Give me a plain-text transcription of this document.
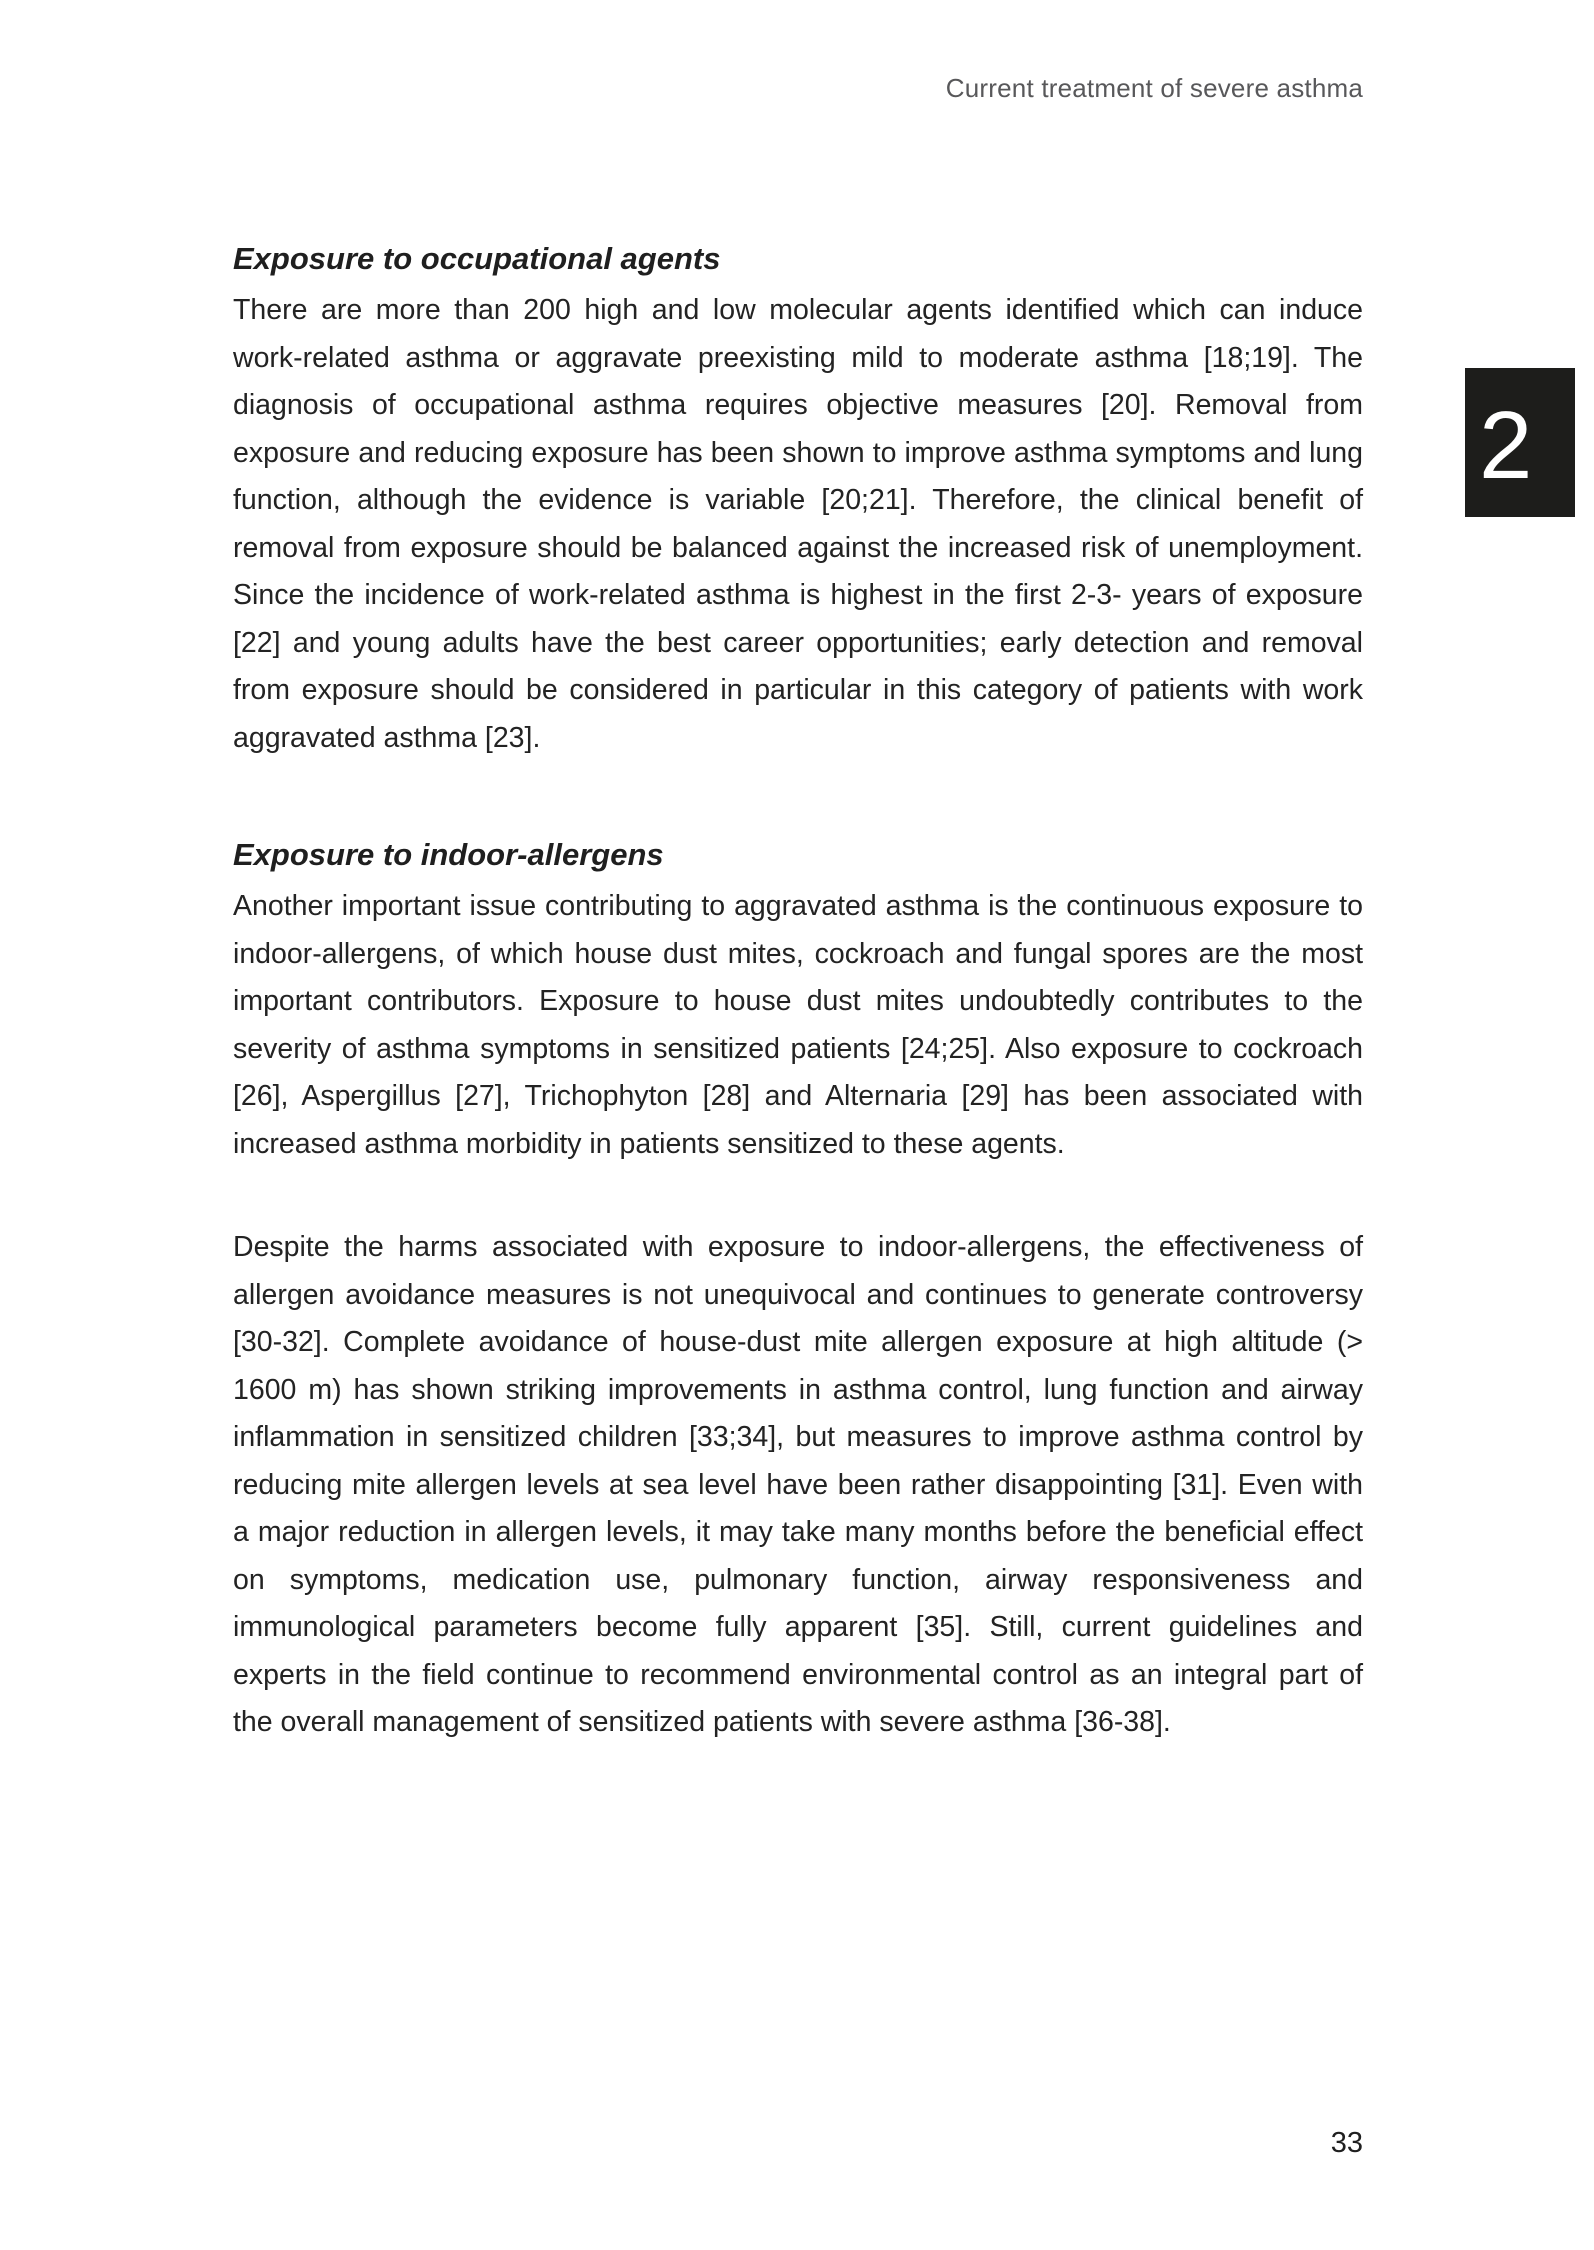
Current treatment of severe asthma
2
Exposure to occupational agents

There are more than 200 high and low molecular agents identified which can induce work-related asthma or aggravate preexisting mild to moderate asthma [18;19]. The diagnosis of occupational asthma requires objective measures [20]. Removal from exposure and reducing exposure has been shown to improve asthma symptoms and lung function, although the evidence is variable [20;21]. Therefore, the clinical benefit of removal from exposure should be balanced against the increased risk of unemployment. Since the incidence of work-related asthma is highest in the first 2-3- years of exposure [22] and young adults have the best career opportunities; early detection and removal from exposure should be considered in particular in this category of patients with work aggravated asthma [23].

Exposure to indoor-allergens

Another important issue contributing to aggravated asthma is the continuous exposure to indoor-allergens, of which house dust mites, cockroach and fungal spores are the most important contributors. Exposure to house dust mites undoubtedly contributes to the severity of asthma symptoms in sensitized patients [24;25]. Also exposure to cockroach [26], Aspergillus [27], Trichophyton [28] and Alternaria [29] has been associated with increased asthma morbidity in patients sensitized to these agents.

Despite the harms associated with exposure to indoor-allergens, the effectiveness of allergen avoidance measures is not unequivocal and continues to generate controversy [30-32]. Complete avoidance of house-dust mite allergen exposure at high altitude (> 1600 m) has shown striking improvements in asthma control, lung function and airway inflammation in sensitized children [33;34], but measures to improve asthma control by reducing mite allergen levels at sea level have been rather disappointing [31]. Even with a major reduction in allergen levels, it may take many months before the beneficial effect on symptoms, medication use, pulmonary function, airway responsiveness and immunological parameters become fully apparent [35]. Still, current guidelines and experts in the field continue to recommend environmental control as an integral part of the overall management of sensitized patients with severe asthma [36-38].

33
